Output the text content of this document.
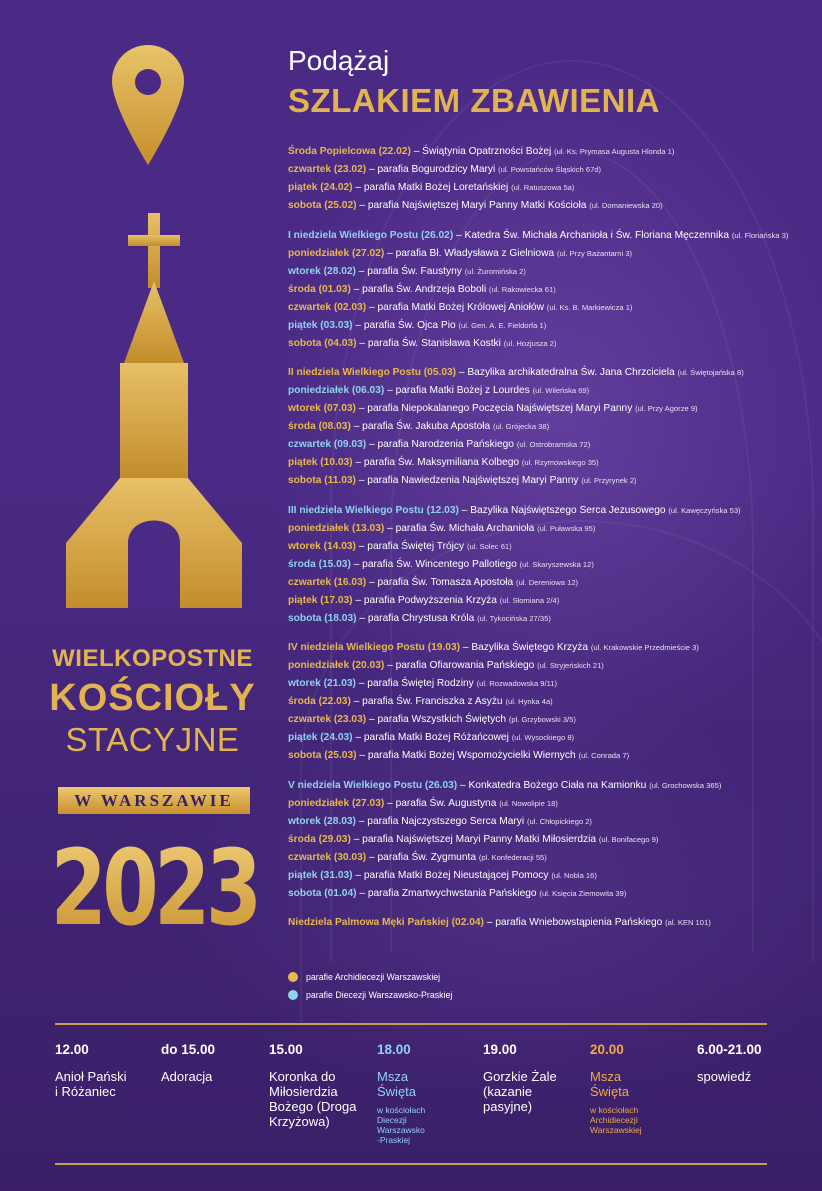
WIELKOPOSTNE
KOŚCIOŁY
STACYJNE
W WARSZAWIE
2023
Podążaj
SZLAKIEM ZBAWIENIA
Środa Popielcowa (22.02) – Świątynia Opatrzności Bożej (ul. Ks. Prymasa Augusta Hlonda 1)
czwartek (23.02) – parafia Bogurodzicy Maryi (ul. Powstańców Śląskich 67d)
piątek (24.02) – parafia Matki Bożej Loretańskiej (ul. Ratuszowa 5a)
sobota (25.02) – parafia Najświętszej Maryi Panny Matki Kościoła (ul. Domaniewska 20)
I niedziela Wielkiego Postu (26.02) – Katedra Św. Michała Archanioła i Św. Floriana Męczennika (ul. Floriańska 3)
poniedziałek (27.02) – parafia Bł. Władysława z Gielniowa (ul. Przy Bażantarni 3)
wtorek (28.02) – parafia Św. Faustyny (ul. Żuromińska 2)
środa (01.03) – parafia Św. Andrzeja Boboli (ul. Rakowiecka 61)
czwartek (02.03) – parafia Matki Bożej Królowej Aniołów (ul. Ks. B. Markiewicza 1)
piątek (03.03) – parafia Św. Ojca Pio (ul. Gen. A. E. Fieldorfa 1)
sobota (04.03) – parafia Św. Stanisława Kostki (ul. Hozjusza 2)
II niedziela Wielkiego Postu (05.03) – Bazylika archikatedralna Św. Jana Chrzciciela (ul. Świętojańska 8)
poniedziałek (06.03) – parafia Matki Bożej z Lourdes (ul. Wileńska 69)
wtorek (07.03) – parafia Niepokalanego Poczęcia Najświętszej Maryi Panny (ul. Przy Agorze 9)
środa (08.03) – parafia Św. Jakuba Apostoła (ul. Grójecka 38)
czwartek (09.03) – parafia Narodzenia Pańskiego (ul. Ostrobramska 72)
piątek (10.03) – parafia Św. Maksymiliana Kolbego (ul. Rzymowskiego 35)
sobota (11.03) – parafia Nawiedzenia Najświętszej Maryi Panny (ul. Przyrynek 2)
III niedziela Wielkiego Postu (12.03) – Bazylika Najświętszego Serca Jezusowego (ul. Kawęczyńska 53)
poniedziałek (13.03) – parafia Św. Michała Archanioła (ul. Puławska 95)
wtorek (14.03) – parafia Świętej Trójcy (ul. Solec 61)
środa (15.03) – parafia Św. Wincentego Pallotiego (ul. Skaryszewska 12)
czwartek (16.03) – parafia Św. Tomasza Apostoła (ul. Dereniowa 12)
piątek (17.03) – parafia Podwyższenia Krzyża (ul. Słomiana 2/4)
sobota (18.03) – parafia Chrystusa Króla (ul. Tykocińska 27/35)
IV niedziela Wielkiego Postu (19.03) – Bazylika Świętego Krzyża (ul. Krakowskie Przedmieście 3)
poniedziałek (20.03) – parafia Ofiarowania Pańskiego (ul. Stryjeńskich 21)
wtorek (21.03) – parafia Świętej Rodziny (ul. Rozwadowska 9/11)
środa (22.03) – parafia Św. Franciszka z Asyżu (ul. Hynka 4a)
czwartek (23.03) – parafia Wszystkich Świętych (pl. Grzybowski 3/5)
piątek (24.03) – parafia Matki Bożej Różańcowej (ul. Wysockiego 8)
sobota (25.03) – parafia Matki Bożej Wspomożycielki Wiernych (ul. Conrada 7)
V niedziela Wielkiego Postu (26.03) – Konkatedra Bożego Ciała na Kamionku (ul. Grochowska 365)
poniedziałek (27.03) – parafia Św. Augustyna (ul. Nowolipie 18)
wtorek (28.03) – parafia Najczystszego Serca Maryi (ul. Chłopickiego 2)
środa (29.03) – parafia Najświętszej Maryi Panny Matki Miłosierdzia (ul. Bonifacego 9)
czwartek (30.03) – parafia Św. Zygmunta (pl. Konfederacji 55)
piątek (31.03) – parafia Matki Bożej Nieustającej Pomocy (ul. Nobla 16)
sobota (01.04) – parafia Zmartwychwstania Pańskiego (ul. Księcia Ziemowita 39)
Niedziela Palmowa Męki Pańskiej (02.04) – parafia Wniebowstąpienia Pańskiego (al. KEN 101)
parafie Archidiecezji Warszawskiej
parafie Diecezji Warszawsko-Praskiej
12.00
Anioł Pański
i Różaniec
do 15.00
Adoracja
15.00
Koronka do
Miłosierdzia
Bożego (Droga
Krzyżowa)
18.00
Msza
Święta
w kościołach
Diecezji
Warszawsko
-Praskiej
19.00
Gorzkie Żale
(kazanie
pasyjne)
20.00
Msza
Święta
w kościołach
Archidiecezji
Warszawskiej
6.00-21.00
spowiedź
